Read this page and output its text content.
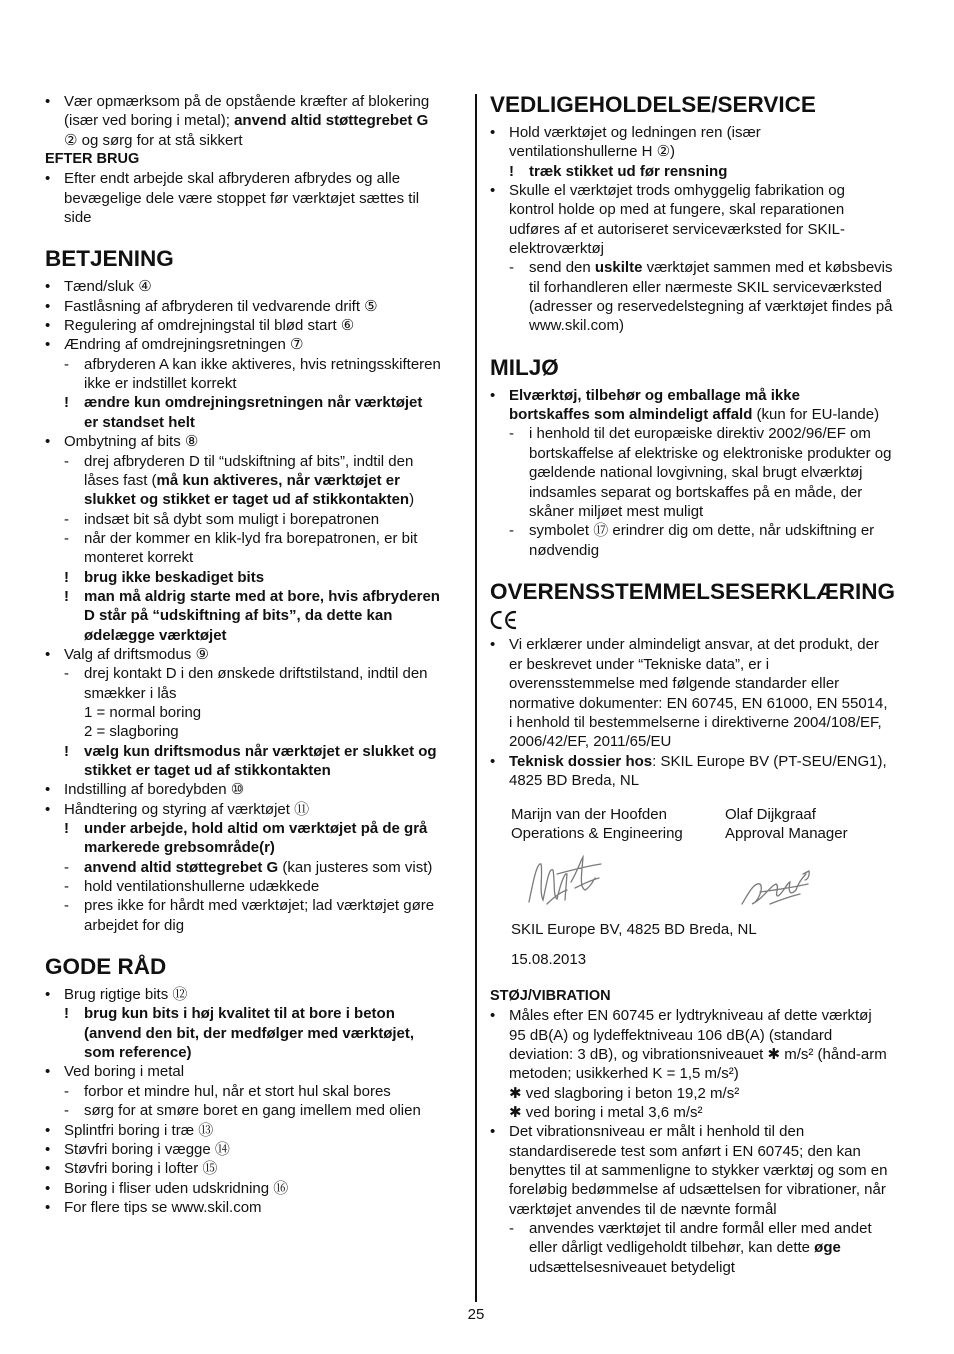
• Vær opmærksom på de opstående kræfter af blokering
(især ved boring i metal); anvend altid støttegrebet G
② og sørg for at stå sikkert
EFTER BRUG
• Efter endt arbejde skal afbryderen afbrydes og alle
bevægelige dele være stoppet før værktøjet sættes til
side
BETJENING
• Tænd/sluk ④
• Fastlåsning af afbryderen til vedvarende drift ⑤
• Regulering af omdrejningstal til blød start ⑥
• Ændring af omdrejningsretningen ⑦
- afbryderen A kan ikke aktiveres, hvis retningsskifteren
ikke er indstillet korrekt
! ændre kun omdrejningsretningen når værktøjet
er standset helt
• Ombytning af bits ⑧
- drej afbryderen D til “udskiftning af bits”, indtil den
låses fast (må kun aktiveres, når værktøjet er
slukket og stikket er taget ud af stikkontakten)
- indsæt bit så dybt som muligt i borepatronen
- når der kommer en klik-lyd fra borepatronen, er bit
monteret korrekt
! brug ikke beskadiget bits
! man må aldrig starte med at bore, hvis afbryderen
D står på “udskiftning af bits”, da dette kan
ødelægge værktøjet
• Valg af driftsmodus ⑨
- drej kontakt D i den ønskede driftstilstand, indtil den
smækker i lås
1 = normal boring
2 = slagboring
! vælg kun driftsmodus når værktøjet er slukket og
stikket er taget ud af stikkontakten
• Indstilling af boredybden ⑩
• Håndtering og styring af værktøjet ⑪
! under arbejde, hold altid om værktøjet på de grå
markerede grebsområde(r)
- anvend altid støttegrebet G (kan justeres som vist)
- hold ventilationshullerne udækkede
- pres ikke for hårdt med værktøjet; lad værktøjet gøre
arbejdet for dig
GODE RÅD
• Brug rigtige bits ⑫
! brug kun bits i høj kvalitet til at bore i beton
(anvend den bit, der medfølger med værktøjet,
som reference)
• Ved boring i metal
- forbor et mindre hul, når et stort hul skal bores
- sørg for at smøre boret en gang imellem med olien
• Splintfri boring i træ ⑬
• Støvfri boring i vægge ⑭
• Støvfri boring i lofter ⑮
• Boring i fliser uden udskridning ⑯
• For flere tips se www.skil.com
VEDLIGEHOLDELSE/SERVICE
• Hold værktøjet og ledningen ren (især
ventilationshullerne H ②)
! træk stikket ud før rensning
• Skulle el værktøjet trods omhyggelig fabrikation og
kontrol holde op med at fungere, skal reparationen
udføres af et autoriseret serviceværksted for SKIL-
elektroværktøj
- send den uskilte værktøjet sammen med et købsbevis
til forhandleren eller nærmeste SKIL serviceværksted
(adresser og reservedelstegning af værktøjet findes på
www.skil.com)
MILJØ
• Elværktøj, tilbehør og emballage må ikke
bortskaffes som almindeligt affald (kun for EU-lande)
- i henhold til det europæiske direktiv 2002/96/EF om
bortskaffelse af elektriske og elektroniske produkter og
gældende national lovgivning, skal brugt elværktøj
indsamles separat og bortskaffes på en måde, der
skåner miljøet mest muligt
- symbolet ⑰ erindrer dig om dette, når udskiftning er
nødvendig
OVERENSSTEMMELSESERKLÆRING
• Vi erklærer under almindeligt ansvar, at det produkt, der
er beskrevet under “Tekniske data”, er i
overensstemmelse med følgende standarder eller
normative dokumenter: EN 60745, EN 61000, EN 55014,
i henhold til bestemmelserne i direktiverne 2004/108/EF,
2006/42/EF, 2011/65/EU
• Teknisk dossier hos: SKIL Europe BV (PT-SEU/ENG1),
4825 BD Breda, NL
Marijn van der Hoofden
Operations & Engineering
Olaf Dijkgraaf
Approval Manager
SKIL Europe BV, 4825 BD Breda, NL
15.08.2013
STØJ/VIBRATION
• Måles efter EN 60745 er lydtrykniveau af dette værktøj
95 dB(A) og lydeffektniveau 106 dB(A) (standard
deviation: 3 dB), og vibrationsniveauet ✱ m/s² (hånd-arm
metoden; usikkerhed K = 1,5 m/s²)
✱ ved slagboring i beton 19,2 m/s²
✱ ved boring i metal 3,6 m/s²
• Det vibrationsniveau er målt i henhold til den
standardiserede test som anført i EN 60745; den kan
benyttes til at sammenligne to stykker værktøj og som en
foreløbig bedømmelse af udsættelsen for vibrationer, når
værktøjet anvendes til de nævnte formål
- anvendes værktøjet til andre formål eller med andet
eller dårligt vedligeholdt tilbehør, kan dette øge
udsættelsesniveauet betydeligt
25
